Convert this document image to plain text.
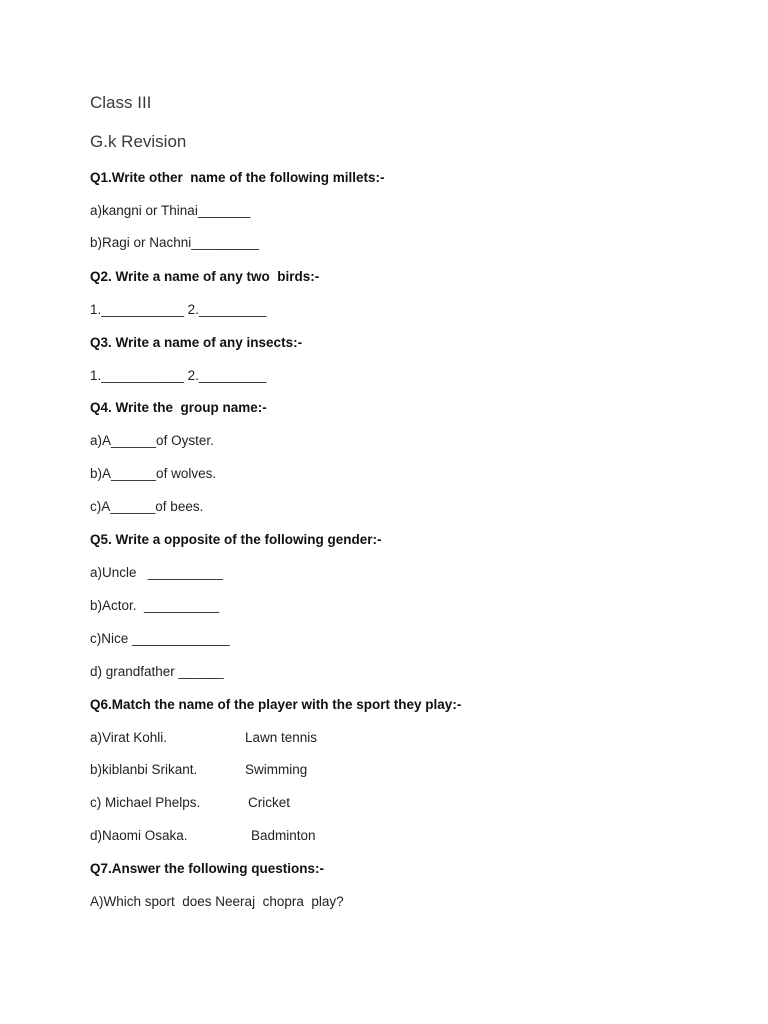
Class III

G.k Revision

Q1.Write other  name of the following millets:-

a)kangni or Thinai_______

b)Ragi or Nachni_________

Q2. Write a name of any two  birds:-

1.___________ 2._________

Q3. Write a name of any insects:-

1.___________ 2._________

Q4. Write the  group name:-

a)A______of Oyster.

b)A______of wolves.

c)A______of bees.

Q5. Write a opposite of the following gender:-

a)Uncle   __________

b)Actor.  __________

c)Nice _____________

d) grandfather ______

Q6.Match the name of the player with the sport they play:-

a)Virat Kohli.	Lawn tennis
b)kiblanbi Srikant.	Swimming
c) Michael Phelps.	Cricket
d)Naomi Osaka.	Badminton

Q7.Answer the following questions:-

A)Which sport  does Neeraj  chopra  play?
